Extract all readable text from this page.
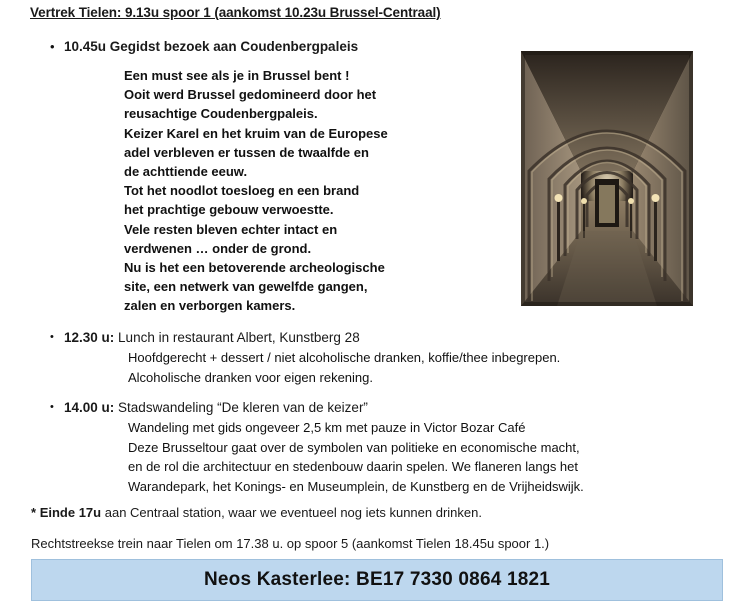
Vertrek Tielen: 9.13u spoor 1 (aankomst 10.23u Brussel-Centraal)
•
10.45u Gegidst bezoek aan Coudenbergpaleis
Een must see als je in Brussel bent !
Ooit werd Brussel gedomineerd door het
reusachtige Coudenbergpaleis.
Keizer Karel en het kruim van de Europese
adel verbleven er tussen de twaalfde en
de achttiende eeuw.
Tot het noodlot toesloeg en een brand
het prachtige gebouw verwoestte.
Vele resten bleven echter intact en
verdwenen … onder de grond.
Nu is het een betoverende archeologische
site, een netwerk van gewelfde gangen,
zalen en verborgen kamers.
•
12.30 u: Lunch in restaurant Albert, Kunstberg 28
Hoofdgerecht + dessert / niet alcoholische dranken, koffie/thee inbegrepen.
Alcoholische dranken voor eigen rekening.
•
14.00 u: Stadswandeling “De kleren van de keizer”
Wandeling met gids ongeveer 2,5 km met pauze in Victor Bozar Café
Deze Brusseltour gaat over de symbolen van politieke en economische macht,
en de rol die architectuur en stedenbouw daarin spelen. We flaneren langs het
Warandepark, het Konings- en Museumplein, de Kunstberg en de Vrijheidswijk.
* Einde 17u aan Centraal station, waar we eventueel nog iets kunnen drinken.
Rechtstreekse trein naar Tielen om 17.38 u. op spoor 5 (aankomst Tielen 18.45u spoor 1.)
Neos Kasterlee: BE17 7330 0864 1821
